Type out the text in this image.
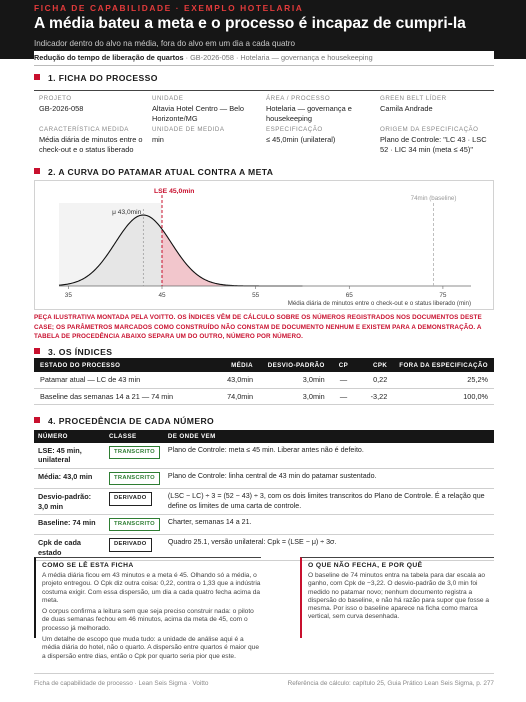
FICHA DE CAPABILIDADE · EXEMPLO HOTELARIA
A média bateu a meta e o processo é incapaz de cumpri-la
Indicador dentro do alvo na média, fora do alvo em um dia a cada quatro
Redução do tempo de liberação de quartos · GB-2026-058 · Hotelaria — governança e housekeeping
1. FICHA DO PROCESSO
PROJETO
GB-2026-058
UNIDADE
Altavia Hotel Centro — Belo Horizonte/MG
ÁREA / PROCESSO
Hotelaria — governança e housekeeping
GREEN BELT LÍDER
Camila Andrade
CARACTERÍSTICA MEDIDA
Média diária de minutos entre o check-out e o status liberado
UNIDADE DE MEDIDA
min
ESPECIFICAÇÃO
≤ 45,0min (unilateral)
ORIGEM DA ESPECIFICAÇÃO
Plano de Controle: "LC 43 · LSC 52 · LIC 34 min (meta ≤ 45)"
2. A CURVA DO PATAMAR ATUAL CONTRA A META
μ 43,0min
LSE 45,0min
74min (baseline)
35	45	55	65	75
Média diária de minutos entre o check-out e o status liberado (min)
PEÇA ILUSTRATIVA MONTADA PELA VOITTO. OS ÍNDICES VÊM DE CÁLCULO SOBRE OS NÚMEROS REGISTRADOS NOS DOCUMENTOS DESTE CASE; OS PARÂMETROS MARCADOS COMO CONSTRUÍDO NÃO CONSTAM DE DOCUMENTO NENHUM E EXISTEM PARA A DEMONSTRAÇÃO. A TABELA DE PROCEDÊNCIA ABAIXO SEPARA UM DO OUTRO, NÚMERO POR NÚMERO.
3. OS ÍNDICES
ESTADO DO PROCESSO	MÉDIA	DESVIO-PADRÃO	CP	CPK	FORA DA ESPECIFICAÇÃO
Patamar atual — LC de 43 min	43,0min	3,0min	—	0,22	25,2%
Baseline das semanas 14 a 21 — 74 min	74,0min	3,0min	—	-3,22	100,0%
4. PROCEDÊNCIA DE CADA NÚMERO
NÚMERO	CLASSE	DE ONDE VEM
LSE: 45 min, unilateral	TRANSCRITO	Plano de Controle: meta ≤ 45 min. Liberar antes não é defeito.
Média: 43,0 min	TRANSCRITO	Plano de Controle: linha central de 43 min do patamar sustentado.
Desvio-padrão: 3,0 min	DERIVADO	(LSC − LC) ÷ 3 = (52 − 43) ÷ 3, com os dois limites transcritos do Plano de Controle. É a relação que define os limites de uma carta de controle.
Baseline: 74 min	TRANSCRITO	Charter, semanas 14 a 21.
Cpk de cada estado	DERIVADO	Quadro 25.1, versão unilateral: Cpk = (LSE − μ) ÷ 3σ.
COMO SE LÊ ESTA FICHA

A média diária ficou em 43 minutos e a meta é 45. Olhando só a média, o projeto entregou. O Cpk diz outra coisa: 0,22, contra o 1,33 que a indústria costuma exigir. Com essa dispersão, um dia a cada quatro fecha acima da meta.

O corpus confirma a leitura sem que seja preciso construir nada: o piloto de duas semanas fechou em 46 minutos, acima da meta de 45, com o processo já melhorado.

Um detalhe de escopo que muda tudo: a unidade de análise aqui é a média diária do hotel, não o quarto. A dispersão entre quartos é maior que a dispersão entre dias, então o Cpk por quarto seria pior que este.

O QUE NÃO FECHA, E POR QUÊ

O baseline de 74 minutos entra na tabela para dar escala ao ganho, com Cpk de −3,22. O desvio-padrão de 3,0 min foi medido no patamar novo; nenhum documento registra a dispersão do baseline, e não há razão para supor que fosse a mesma. Por isso o baseline aparece na ficha como marca vertical, sem curva desenhada.

Ficha de capabilidade de processo · Lean Seis Sigma · Voitto	Referência de cálculo: capítulo 25, Guia Prático Lean Seis Sigma, p. 277
